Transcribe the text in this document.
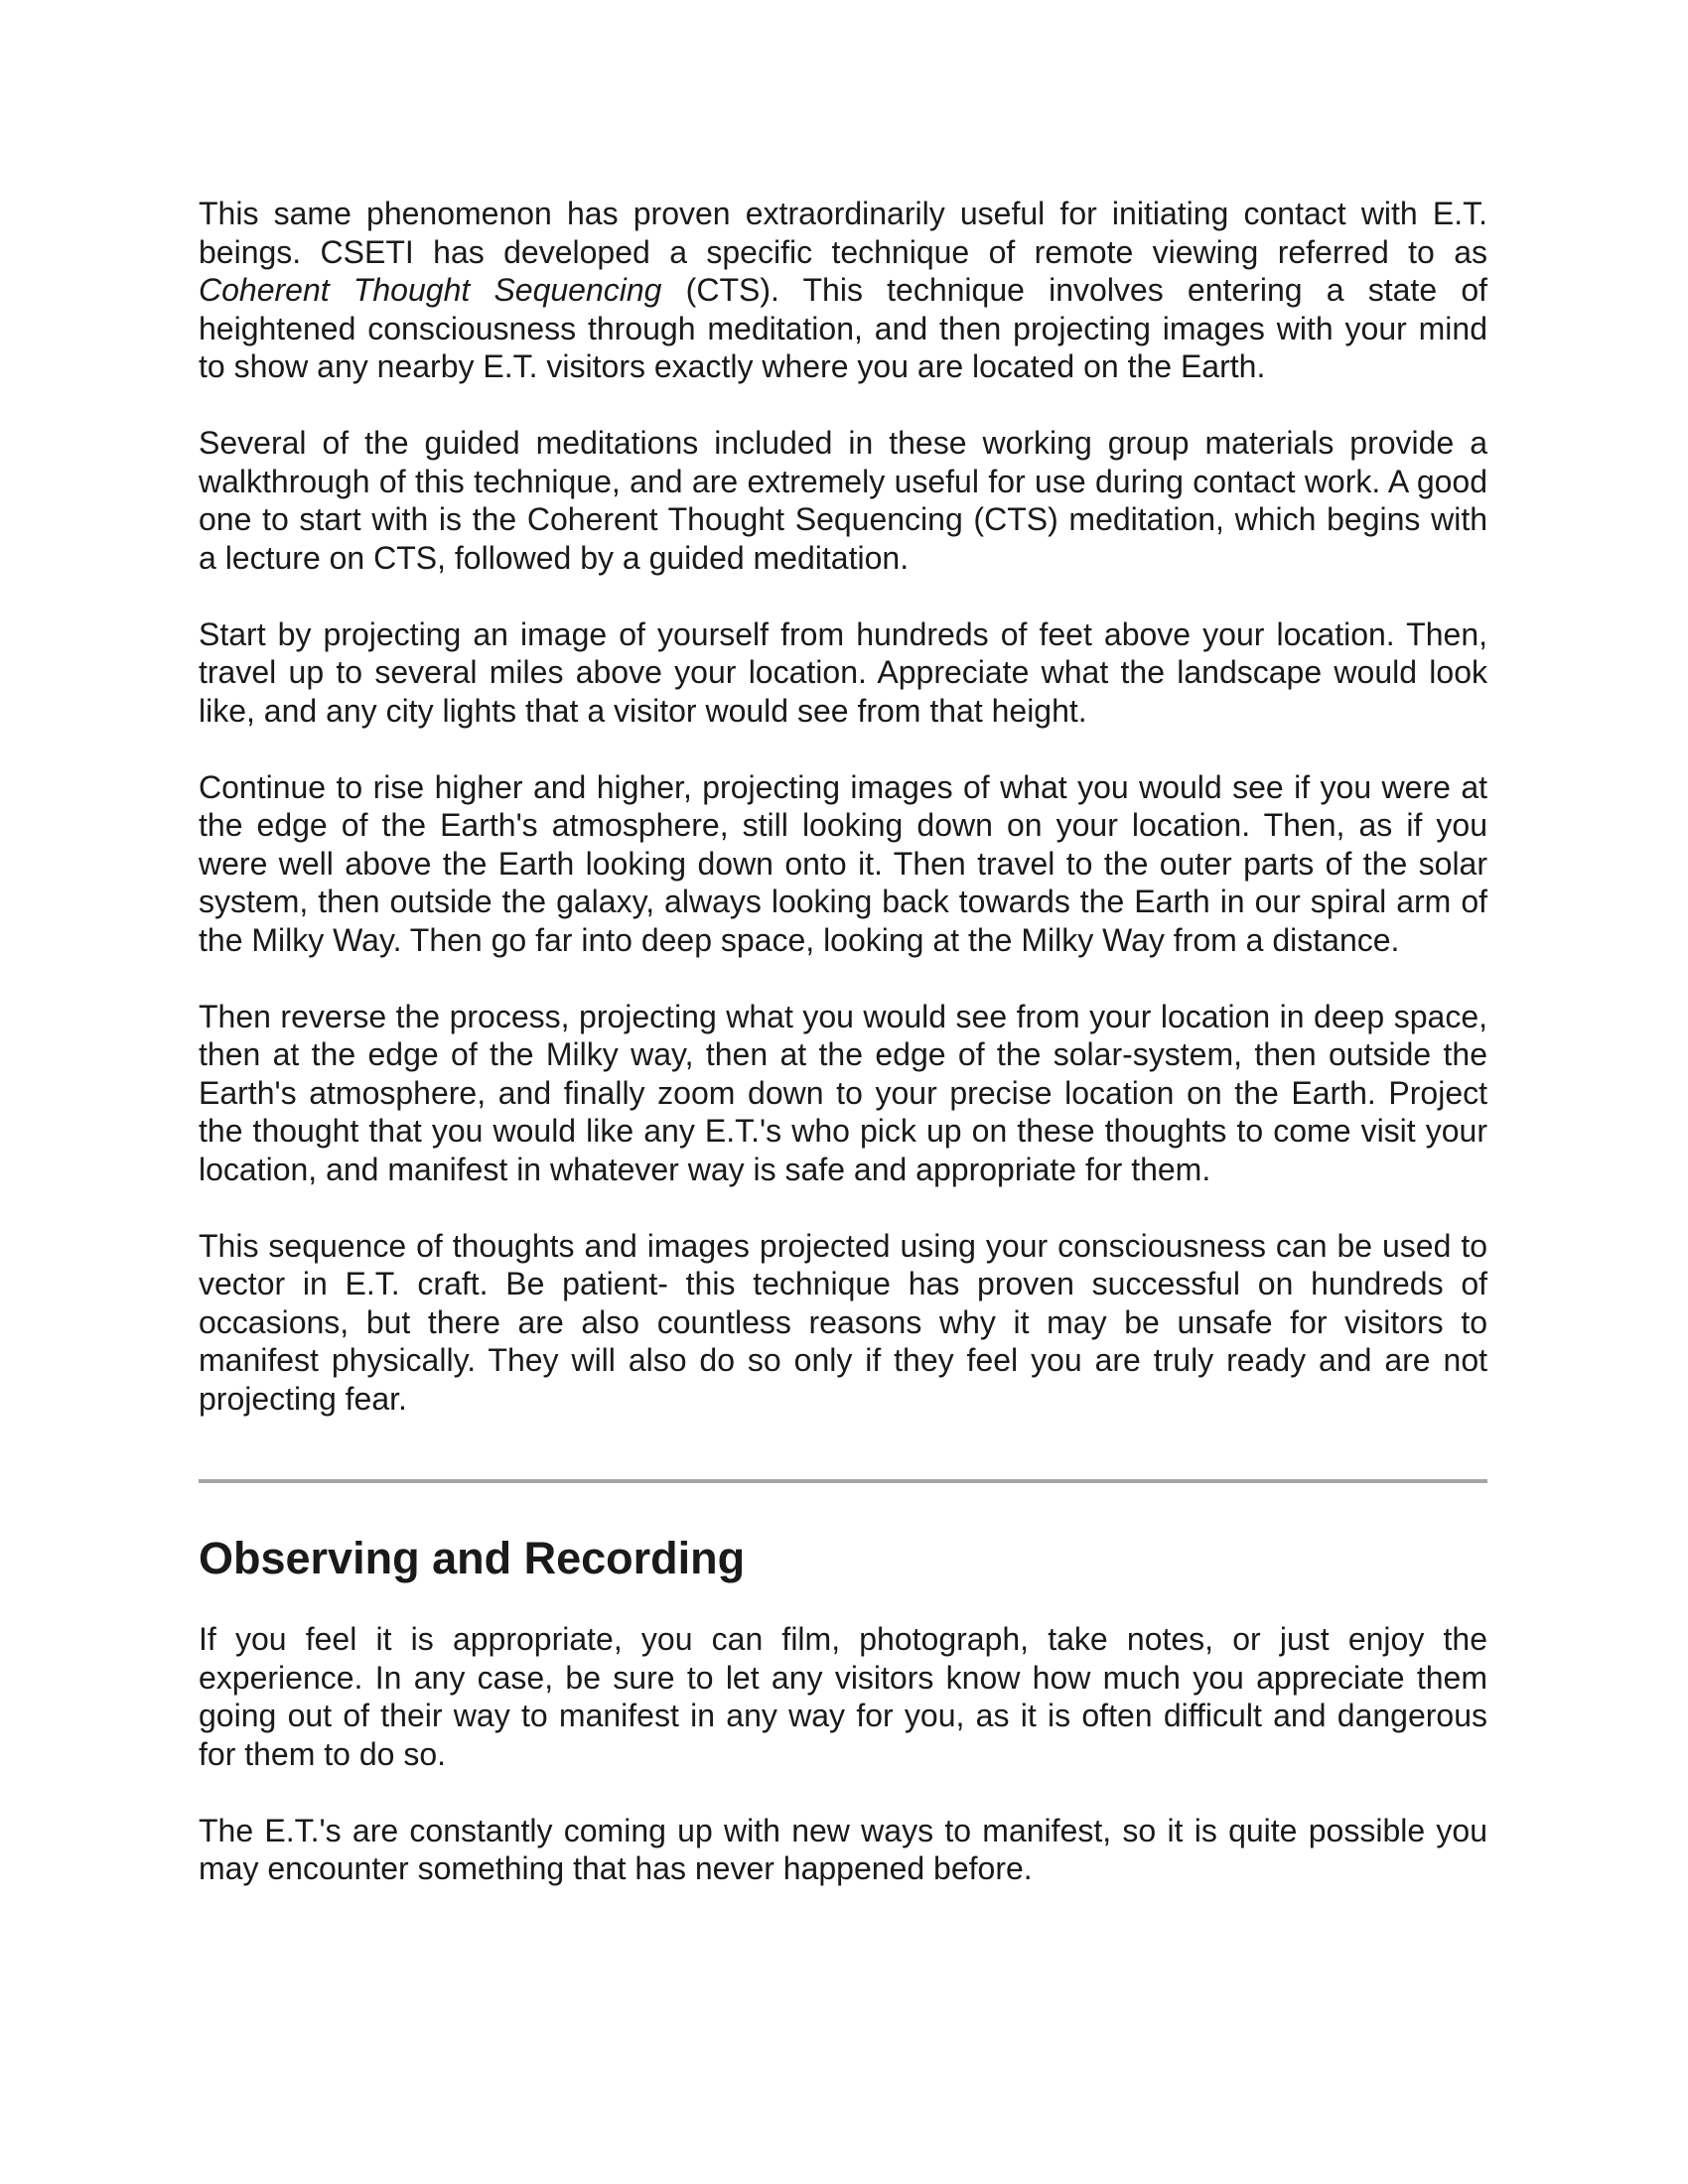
This same phenomenon has proven extraordinarily useful for initiating contact with E.T. beings. CSETI has developed a specific technique of remote viewing referred to as Coherent Thought Sequencing (CTS). This technique involves entering a state of heightened consciousness through meditation, and then projecting images with your mind to show any nearby E.T. visitors exactly where you are located on the Earth.

Several of the guided meditations included in these working group materials provide a walkthrough of this technique, and are extremely useful for use during contact work. A good one to start with is the Coherent Thought Sequencing (CTS) meditation, which begins with a lecture on CTS, followed by a guided meditation.

Start by projecting an image of yourself from hundreds of feet above your location. Then, travel up to several miles above your location. Appreciate what the landscape would look like, and any city lights that a visitor would see from that height.

Continue to rise higher and higher, projecting images of what you would see if you were at the edge of the Earth's atmosphere, still looking down on your location. Then, as if you were well above the Earth looking down onto it. Then travel to the outer parts of the solar system, then outside the galaxy, always looking back towards the Earth in our spiral arm of the Milky Way. Then go far into deep space, looking at the Milky Way from a distance.

Then reverse the process, projecting what you would see from your location in deep space, then at the edge of the Milky way, then at the edge of the solar-system, then outside the Earth's atmosphere, and finally zoom down to your precise location on the Earth. Project the thought that you would like any E.T.'s who pick up on these thoughts to come visit your location, and manifest in whatever way is safe and appropriate for them.

This sequence of thoughts and images projected using your consciousness can be used to vector in E.T. craft. Be patient- this technique has proven successful on hundreds of occasions, but there are also countless reasons why it may be unsafe for visitors to manifest physically. They will also do so only if they feel you are truly ready and are not projecting fear.

Observing and Recording

If you feel it is appropriate, you can film, photograph, take notes, or just enjoy the experience. In any case, be sure to let any visitors know how much you appreciate them going out of their way to manifest in any way for you, as it is often difficult and dangerous for them to do so.

The E.T.'s are constantly coming up with new ways to manifest, so it is quite possible you may encounter something that has never happened before.
